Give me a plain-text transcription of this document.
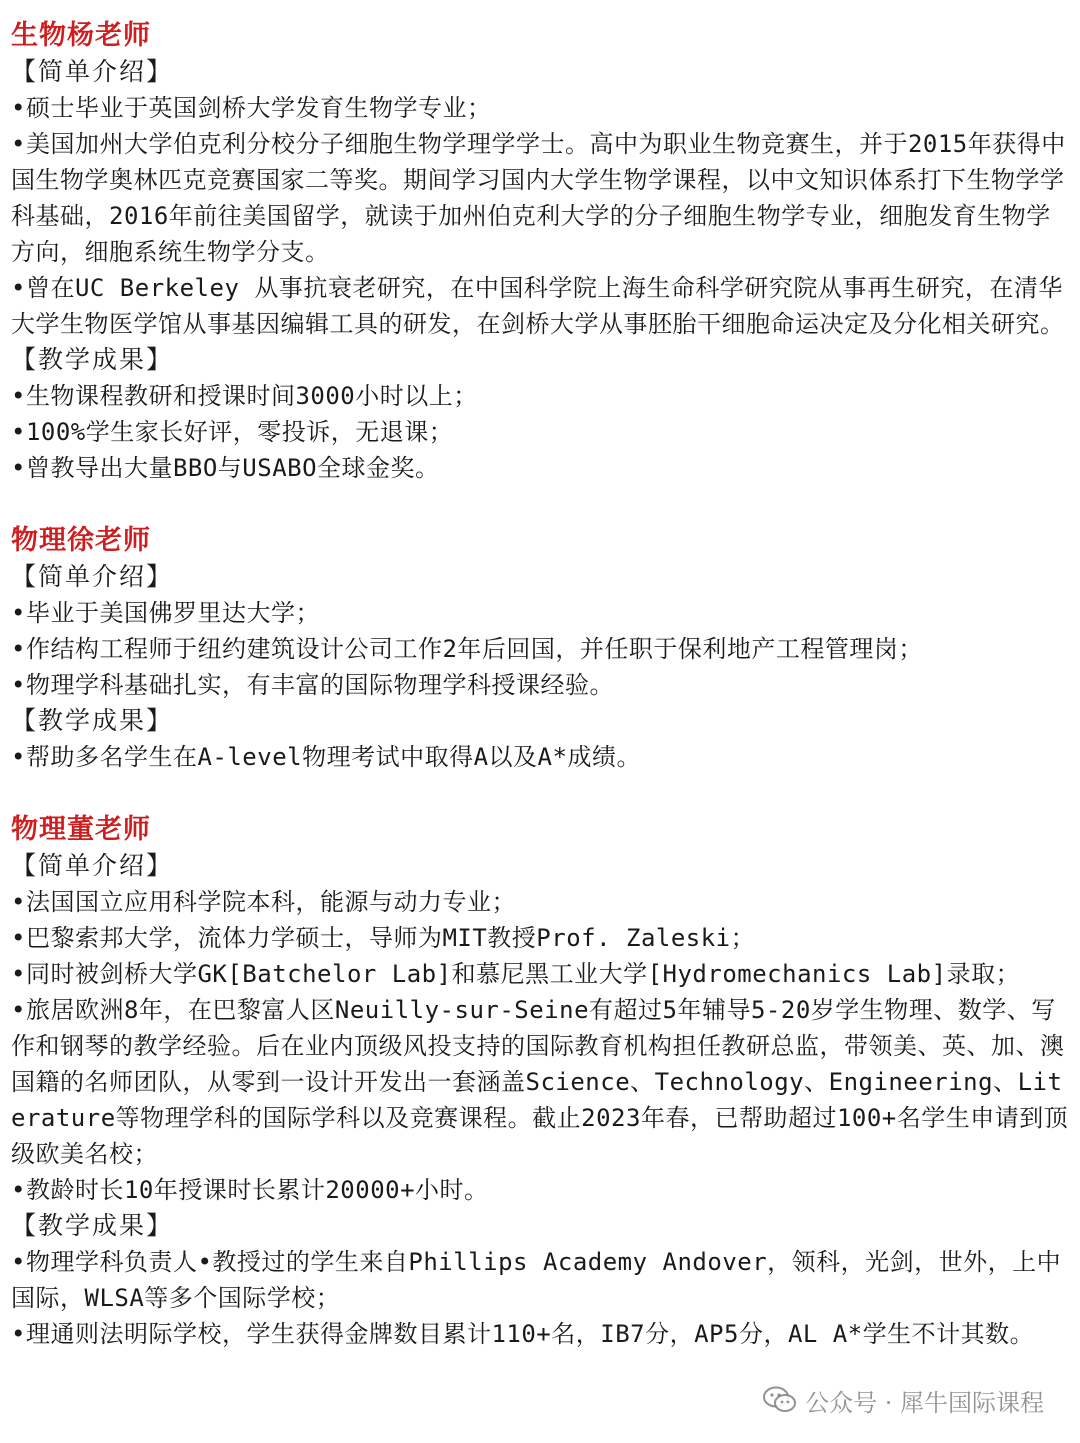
生物杨老师
【简单介绍】
•硕士毕业于英国剑桥大学发育生物学专业；
•美国加州大学伯克利分校分子细胞生物学理学学士。高中为职业生物竞赛生，并于2015年获得中国生物学奥林匹克竞赛国家二等奖。期间学习国内大学生物学课程，以中文知识体系打下生物学学科基础，2016年前往美国留学，就读于加州伯克利大学的分子细胞生物学专业，细胞发育生物学方向，细胞系统生物学分支。
•曾在UC Berkeley 从事抗衰老研究，在中国科学院上海生命科学研究院从事再生研究，在清华大学生物医学馆从事基因编辑工具的研发，在剑桥大学从事胚胎干细胞命运决定及分化相关研究。
【教学成果】
•生物课程教研和授课时间3000小时以上；
•100%学生家长好评，零投诉，无退课；
•曾教导出大量BBO与USABO全球金奖。
物理徐老师
【简单介绍】
•毕业于美国佛罗里达大学；
•作结构工程师于纽约建筑设计公司工作2年后回国，并任职于保利地产工程管理岗；
•物理学科基础扎实，有丰富的国际物理学科授课经验。
【教学成果】
•帮助多名学生在A-level物理考试中取得A以及A*成绩。
物理董老师
【简单介绍】
•法国国立应用科学院本科，能源与动力专业；
•巴黎索邦大学，流体力学硕士，导师为MIT教授Prof. Zaleski；
•同时被剑桥大学GK[Batchelor Lab]和慕尼黑工业大学[Hydromechanics Lab]录取；
•旅居欧洲8年，在巴黎富人区Neuilly-sur-Seine有超过5年辅导5-20岁学生物理、数学、写作和钢琴的教学经验。后在业内顶级风投支持的国际教育机构担任教研总监，带领美、英、加、澳国籍的名师团队，从零到一设计开发出一套涵盖Science、Technology、Engineering、Literature等物理学科的国际学科以及竞赛课程。截止2023年春，已帮助超过100+名学生申请到顶级欧美名校；
•教龄时长10年授课时长累计20000+小时。
【教学成果】
•物理学科负责人•教授过的学生来自Phillips Academy Andover，领科，光剑，世外，上中国际，WLSA等多个国际学校；
•理通则法明际学校，学生获得金牌数目累计110+名，IB7分，AP5分，AL A*学生不计其数。
公众号 · 犀牛国际课程
